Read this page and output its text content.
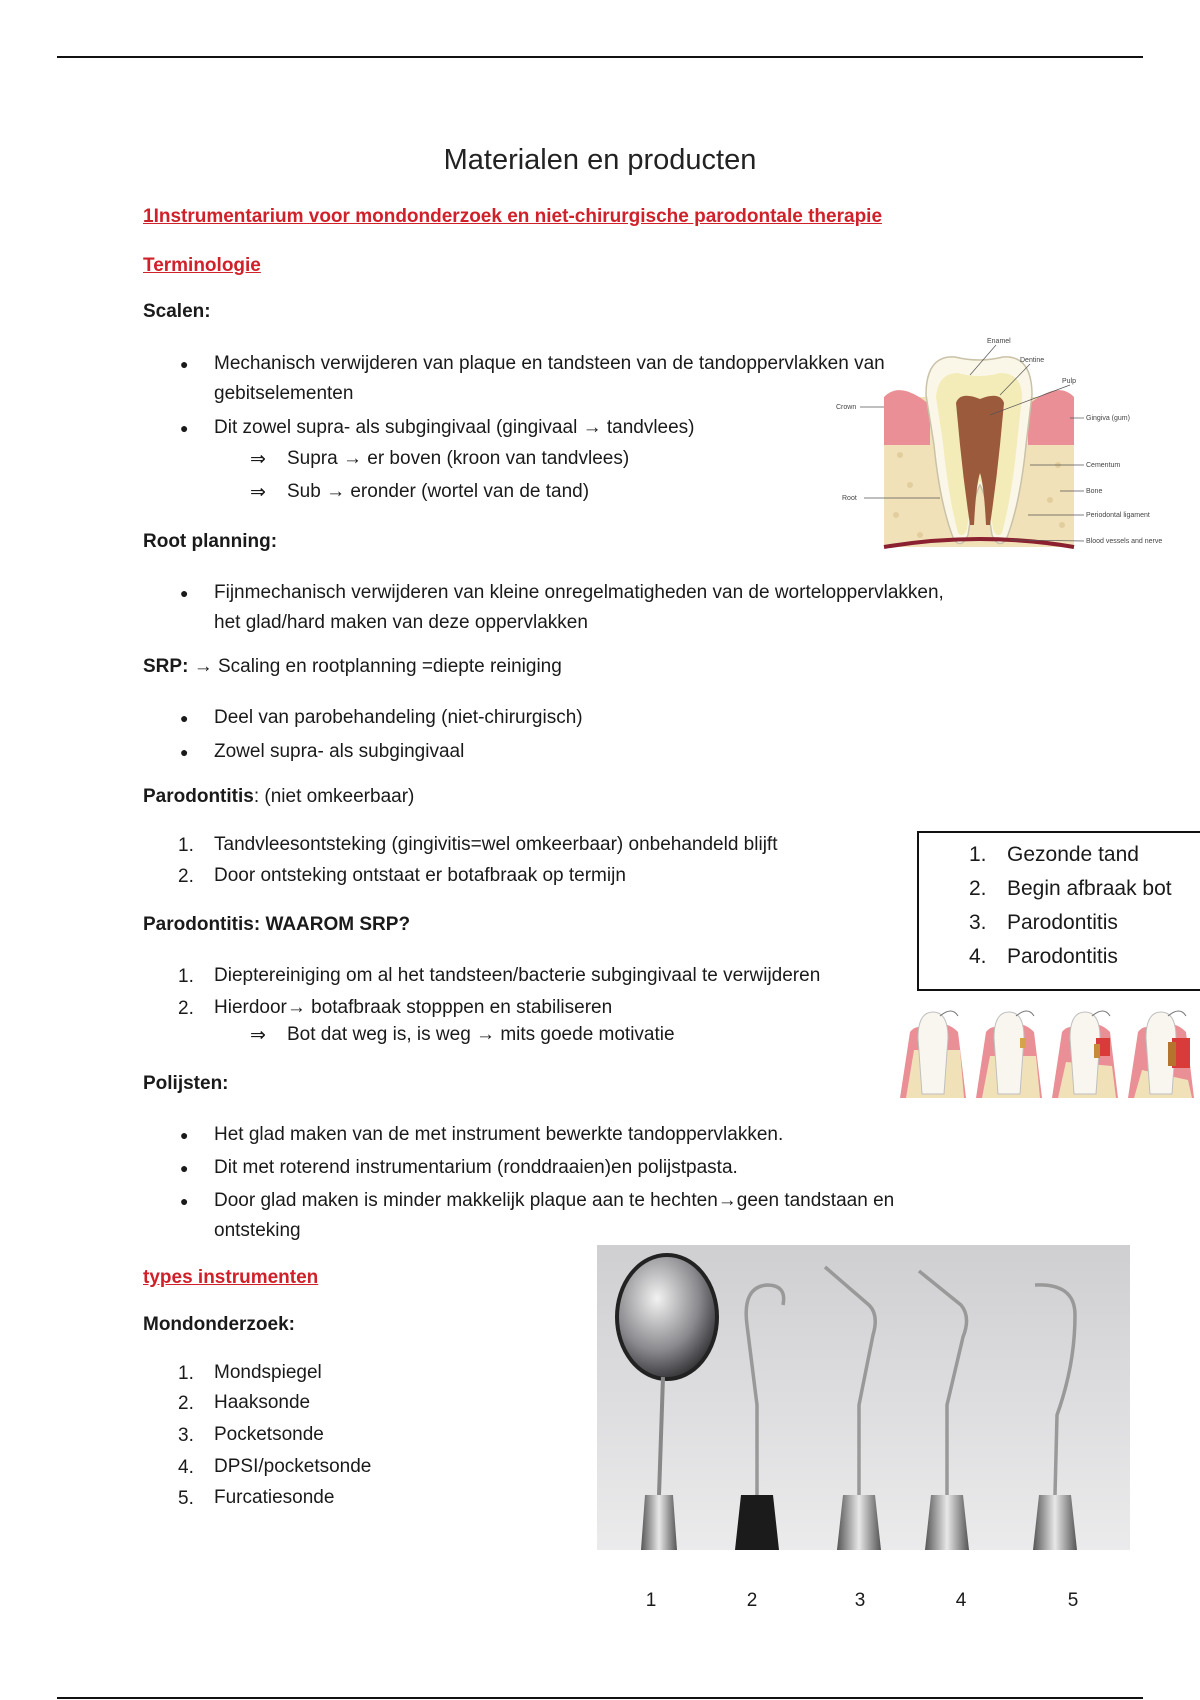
Materialen en producten
1Instrumentarium voor mondonderzoek en niet-chirurgische parodontale therapie
Terminologie
Scalen:
● Mechanisch verwijderen van plaque en tandsteen van de tandoppervlakken van
gebitselementen
● Dit zowel supra- als subgingivaal (gingivaal → tandvlees)
⇒ Supra → er boven (kroon van tandvlees)
⇒ Sub → eronder (wortel van de tand)
Enamel
Dentine
Pulp
Crown
Root
Gingiva (gum)
Cementum
Bone
Periodontal ligament
Blood vessels and nerve
Root planning:
● Fijnmechanisch verwijderen van kleine onregelmatigheden van de worteloppervlakken,
het glad/hard maken van deze oppervlakken
SRP: → Scaling en rootplanning =diepte reiniging
● Deel van parobehandeling (niet-chirurgisch)
● Zowel supra- als subgingivaal
Parodontitis: (niet omkeerbaar)
1. Tandvleesontsteking (gingivitis=wel omkeerbaar) onbehandeld blijft
2. Door ontsteking ontstaat er botafbraak op termijn
1. Gezonde tand
2. Begin afbraak bot
3. Parodontitis
4. Parodontitis
Parodontitis: WAAROM SRP?
1. Dieptereiniging om al het tandsteen/bacterie subgingivaal te verwijderen
2. Hierdoor→ botafbraak stopppen en stabiliseren
⇒ Bot dat weg is, is weg → mits goede motivatie
Polijsten:
● Het glad maken van de met instrument bewerkte tandoppervlakken.
● Dit met roterend instrumentarium (ronddraaien)en polijstpasta.
● Door glad maken is minder makkelijk plaque aan te hechten→geen tandstaan en
ontsteking
types instrumenten
Mondonderzoek:
1. Mondspiegel
2. Haaksonde
3. Pocketsonde
4. DPSI/pocketsonde
5. Furcatiesonde
1	2	3	4	5
